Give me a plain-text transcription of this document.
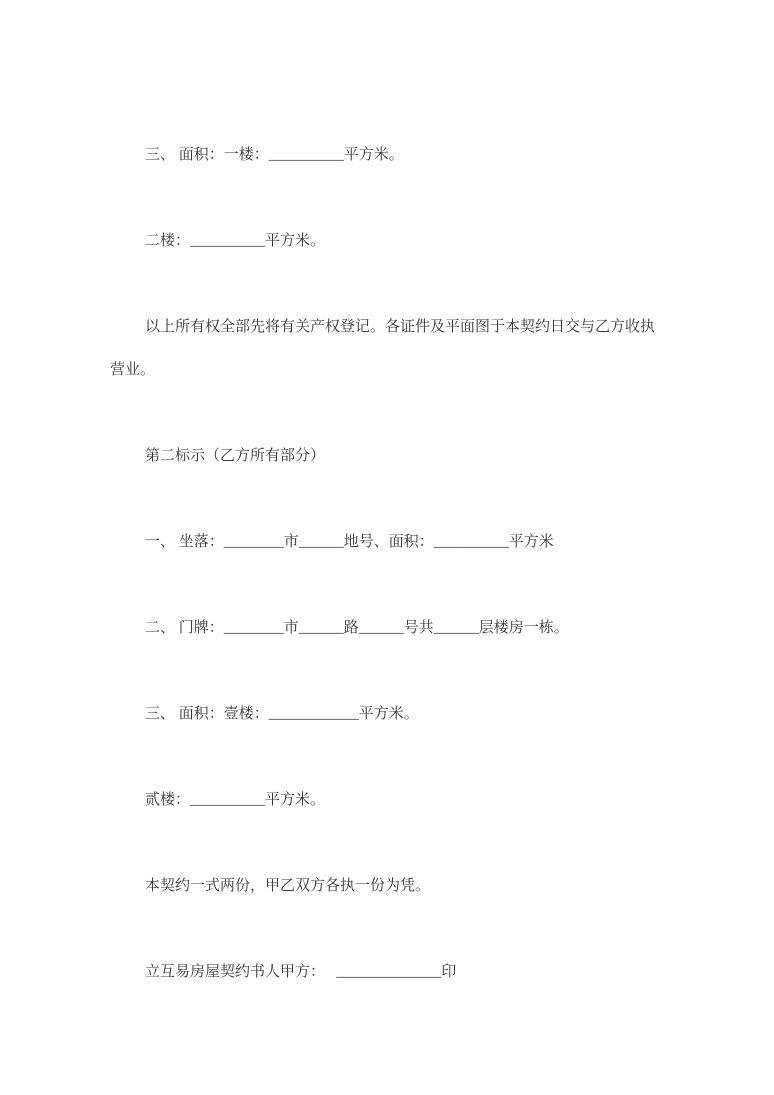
三、 面积：一楼：__________平方米。

二楼：__________平方米。

以上所有权全部先将有关产权登记。各证件及平面图于本契约日交与乙方收执营业。

第二标示（乙方所有部分）

一、 坐落：________市______地号、面积：__________平方米

二、 门牌：________市______路______号共______层楼房一栋。

三、 面积：壹楼：____________平方米。

贰楼：__________平方米。

本契约一式两份，甲乙双方各执一份为凭。

立互易房屋契约书人甲方：   ______________印
